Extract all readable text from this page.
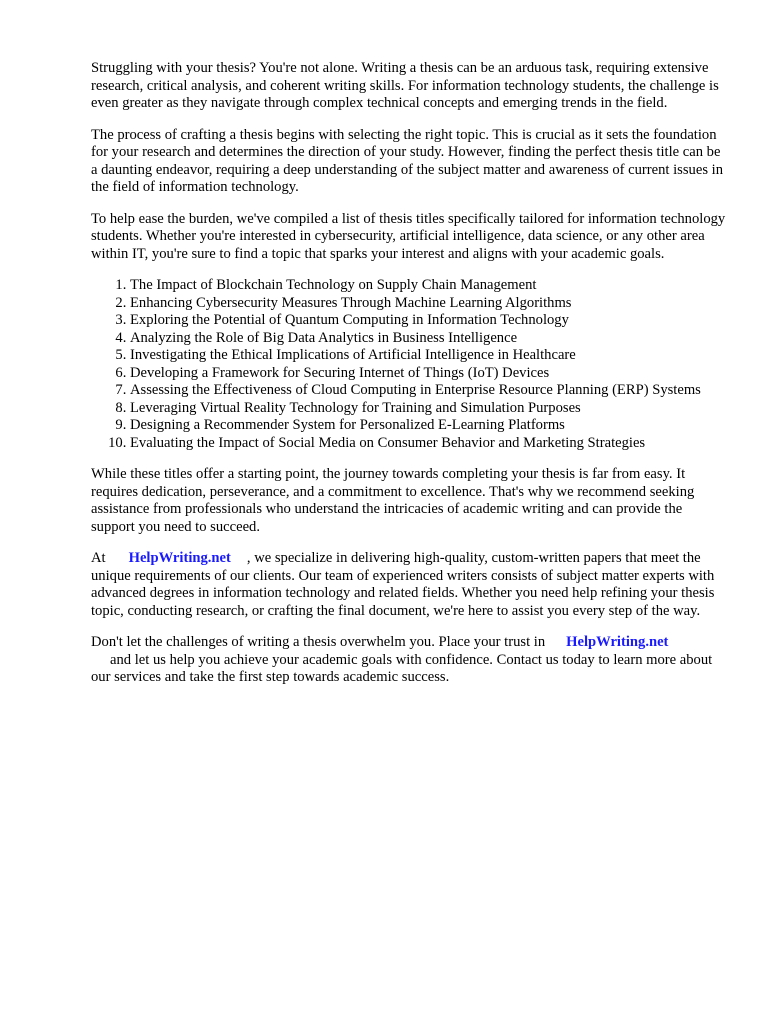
Struggling with your thesis? You're not alone. Writing a thesis can be an arduous task, requiring extensive research, critical analysis, and coherent writing skills. For information technology students, the challenge is even greater as they navigate through complex technical concepts and emerging trends in the field.

The process of crafting a thesis begins with selecting the right topic. This is crucial as it sets the foundation for your research and determines the direction of your study. However, finding the perfect thesis title can be a daunting endeavor, requiring a deep understanding of the subject matter and awareness of current issues in the field of information technology.

To help ease the burden, we've compiled a list of thesis titles specifically tailored for information technology students. Whether you're interested in cybersecurity, artificial intelligence, data science, or any other area within IT, you're sure to find a topic that sparks your interest and aligns with your academic goals.

1. The Impact of Blockchain Technology on Supply Chain Management
2. Enhancing Cybersecurity Measures Through Machine Learning Algorithms
3. Exploring the Potential of Quantum Computing in Information Technology
4. Analyzing the Role of Big Data Analytics in Business Intelligence
5. Investigating the Ethical Implications of Artificial Intelligence in Healthcare
6. Developing a Framework for Securing Internet of Things (IoT) Devices
7. Assessing the Effectiveness of Cloud Computing in Enterprise Resource Planning (ERP) Systems
8. Leveraging Virtual Reality Technology for Training and Simulation Purposes
9. Designing a Recommender System for Personalized E-Learning Platforms
10. Evaluating the Impact of Social Media on Consumer Behavior and Marketing Strategies

While these titles offer a starting point, the journey towards completing your thesis is far from easy. It requires dedication, perseverance, and a commitment to excellence. That's why we recommend seeking assistance from professionals who understand the intricacies of academic writing and can provide the support you need to succeed.

At HelpWriting.net , we specialize in delivering high-quality, custom-written papers that meet the unique requirements of our clients. Our team of experienced writers consists of subject matter experts with advanced degrees in information technology and related fields. Whether you need help refining your thesis topic, conducting research, or crafting the final document, we're here to assist you every step of the way.

Don't let the challenges of writing a thesis overwhelm you. Place your trust in HelpWriting.net
and let us help you achieve your academic goals with confidence. Contact us today to learn more about our services and take the first step towards academic success.
